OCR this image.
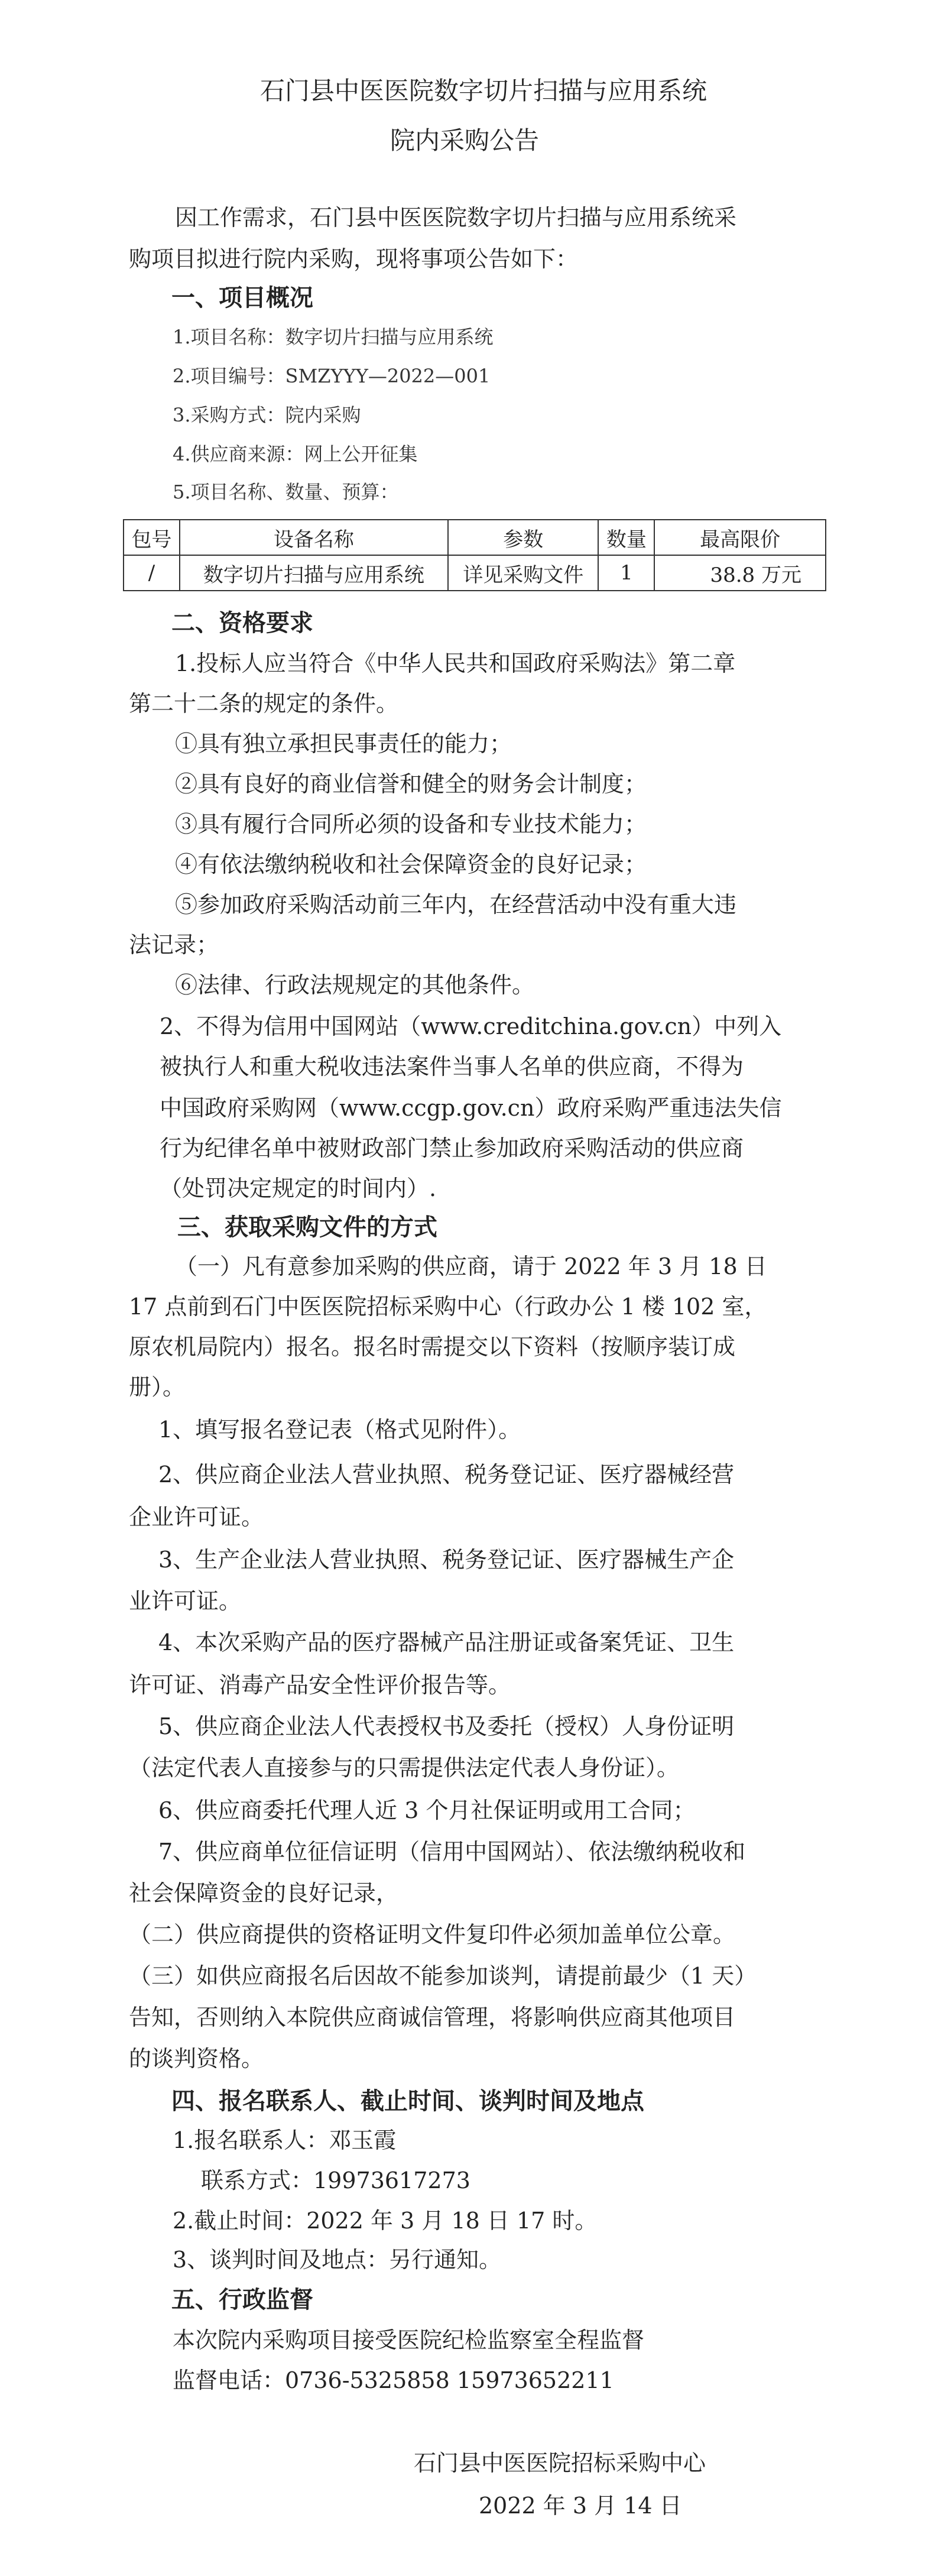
石门县中医医院数字切片扫描与应用系统
院内采购公告
因工作需求，石门县中医医院数字切片扫描与应用系统采
购项目拟进行院内采购，现将事项公告如下：
一、项目概况
1.项目名称：数字切片扫描与应用系统
2.项目编号：SMZYYY—2022—001
3.采购方式：院内采购
4.供应商来源：网上公开征集
5.项目名称、数量、预算：
包号	设备名称	参数	数量	最高限价
/	数字切片扫描与应用系统	详见采购文件	1	38.8 万元
二、资格要求
1.投标人应当符合《中华人民共和国政府采购法》第二章
第二十二条的规定的条件。
①具有独立承担民事责任的能力；
②具有良好的商业信誉和健全的财务会计制度；
③具有履行合同所必须的设备和专业技术能力；
④有依法缴纳税收和社会保障资金的良好记录；
⑤参加政府采购活动前三年内，在经营活动中没有重大违
法记录；
⑥法律、行政法规规定的其他条件。
2、不得为信用中国网站（www.creditchina.gov.cn）中列入
被执行人和重大税收违法案件当事人名单的供应商，不得为
中国政府采购网（www.ccgp.gov.cn）政府采购严重违法失信
行为纪律名单中被财政部门禁止参加政府采购活动的供应商
（处罚决定规定的时间内）.
三、获取采购文件的方式
（一）凡有意参加采购的供应商，请于 2022 年 3 月 18 日
17 点前到石门中医医院招标采购中心（行政办公 1 楼 102 室，
原农机局院内）报名。报名时需提交以下资料（按顺序装订成
册）。
1、填写报名登记表（格式见附件）。
2、供应商企业法人营业执照、税务登记证、医疗器械经营
企业许可证。
3、生产企业法人营业执照、税务登记证、医疗器械生产企
业许可证。
4、本次采购产品的医疗器械产品注册证或备案凭证、卫生
许可证、消毒产品安全性评价报告等。
5、供应商企业法人代表授权书及委托（授权）人身份证明
（法定代表人直接参与的只需提供法定代表人身份证）。
6、供应商委托代理人近 3 个月社保证明或用工合同；
7、供应商单位征信证明（信用中国网站）、依法缴纳税收和
社会保障资金的良好记录，
（二）供应商提供的资格证明文件复印件必须加盖单位公章。
（三）如供应商报名后因故不能参加谈判，请提前最少（1 天）
告知，否则纳入本院供应商诚信管理，将影响供应商其他项目
的谈判资格。
四、报名联系人、截止时间、谈判时间及地点
1.报名联系人：邓玉霞
联系方式：19973617273
2.截止时间：2022 年 3 月 18 日 17 时。
3、谈判时间及地点：另行通知。
五、行政监督
本次院内采购项目接受医院纪检监察室全程监督
监督电话：0736-5325858 15973652211
石门县中医医院招标采购中心
2022 年 3 月 14 日
